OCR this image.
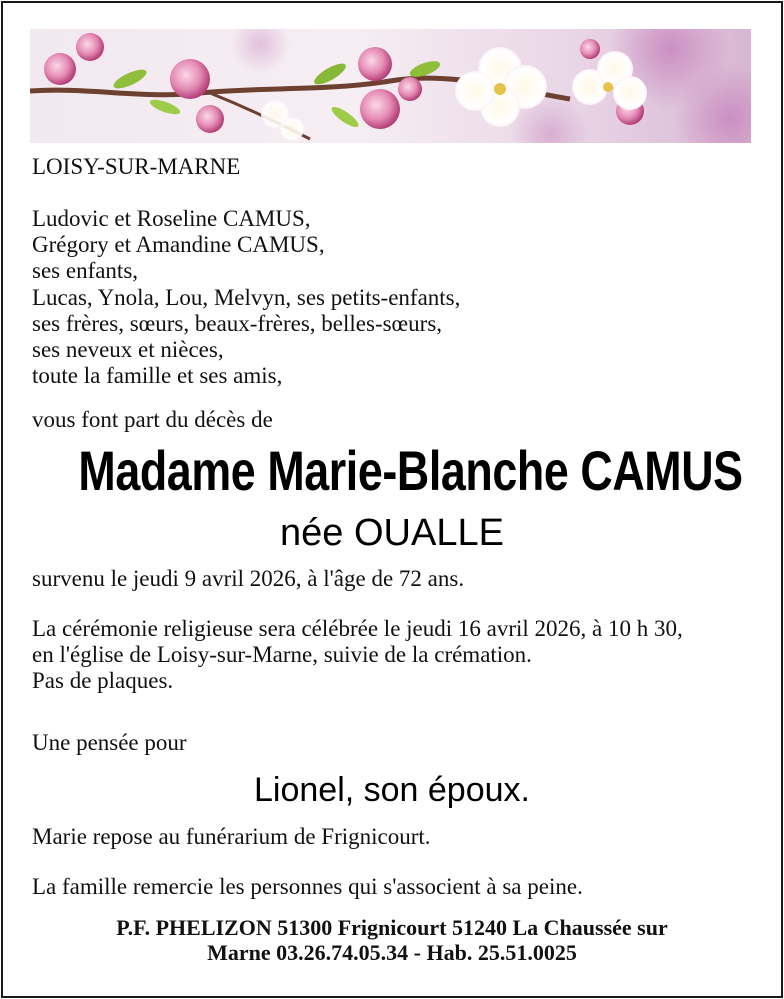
LOISY-SUR-MARNE
Ludovic et Roseline CAMUS,
Grégory et Amandine CAMUS,
ses enfants,
Lucas, Ynola, Lou, Melvyn, ses petits-enfants,
ses frères, sœurs, beaux-frères, belles-sœurs,
ses neveux et nièces,
toute la famille et ses amis,
vous font part du décès de
Madame Marie-Blanche CAMUS
née OUALLE
survenu le jeudi 9 avril 2026, à l'âge de 72 ans.
La cérémonie religieuse sera célébrée le jeudi 16 avril 2026, à 10 h 30,
en l'église de Loisy-sur-Marne, suivie de la crémation.
Pas de plaques.
Une pensée pour
Lionel, son époux.
Marie repose au funérarium de Frignicourt.
La famille remercie les personnes qui s'associent à sa peine.
P.F. PHELIZON 51300 Frignicourt 51240 La Chaussée sur
Marne 03.26.74.05.34 - Hab. 25.51.0025
